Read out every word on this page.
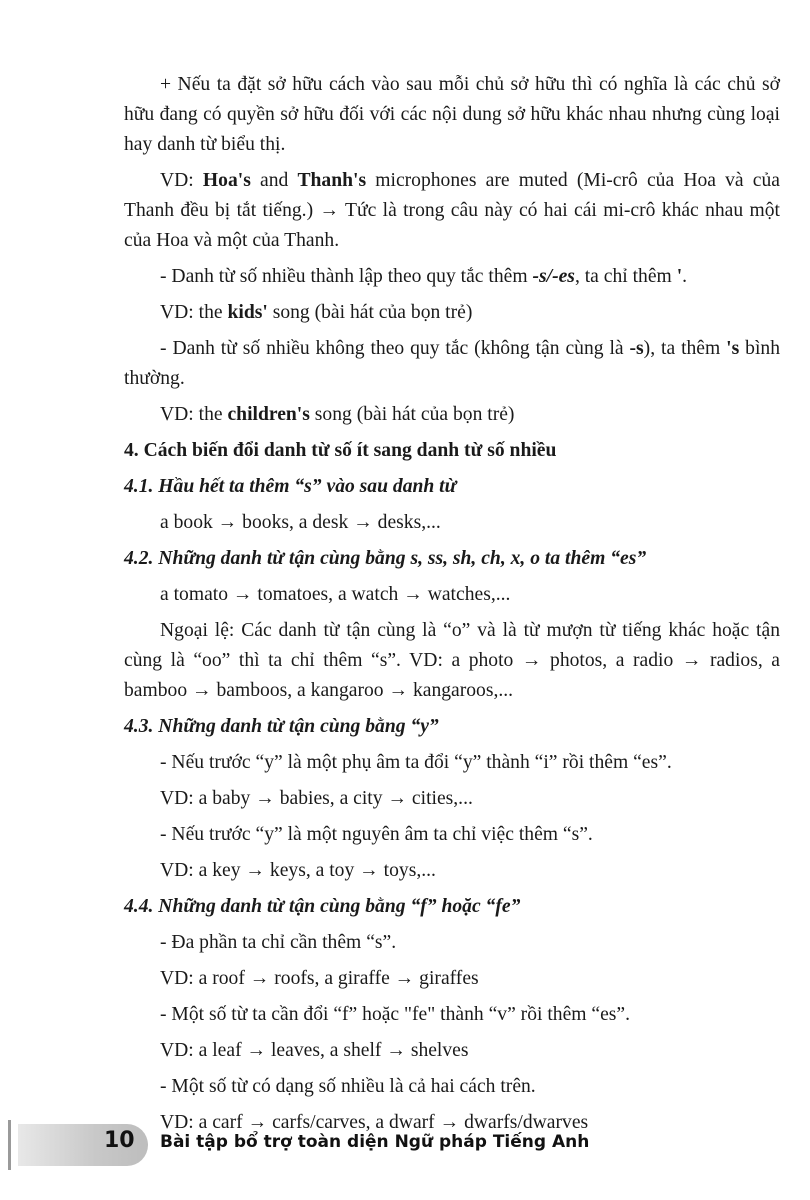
+ Nếu ta đặt sở hữu cách vào sau mỗi chủ sở hữu thì có nghĩa là các chủ sở hữu đang có quyền sở hữu đối với các nội dung sở hữu khác nhau nhưng cùng loại hay danh từ biểu thị.

VD: Hoa's and Thanh's microphones are muted (Mi-crô của Hoa và của Thanh đều bị tắt tiếng.) → Tức là trong câu này có hai cái mi-crô khác nhau một của Hoa và một của Thanh.

- Danh từ số nhiều thành lập theo quy tắc thêm -s/-es, ta chỉ thêm '.

VD: the kids' song (bài hát của bọn trẻ)

- Danh từ số nhiều không theo quy tắc (không tận cùng là -s), ta thêm 's bình thường.

VD: the children's song (bài hát của bọn trẻ)

4. Cách biến đổi danh từ số ít sang danh từ số nhiều

4.1. Hầu hết ta thêm “s” vào sau danh từ

a book → books, a desk → desks,...

4.2. Những danh từ tận cùng bằng s, ss, sh, ch, x, o ta thêm “es”

a tomato → tomatoes, a watch → watches,...

Ngoại lệ: Các danh từ tận cùng là “o” và là từ mượn từ tiếng khác hoặc tận cùng là “oo” thì ta chỉ thêm “s”. VD: a photo → photos, a radio → radios, a bamboo → bamboos, a kangaroo → kangaroos,...

4.3. Những danh từ tận cùng bằng “y”

- Nếu trước “y” là một phụ âm ta đổi “y” thành “i” rồi thêm “es”.

VD: a baby → babies, a city → cities,...

- Nếu trước “y” là một nguyên âm ta chỉ việc thêm “s”.

VD: a key → keys, a toy → toys,...

4.4. Những danh từ tận cùng bằng “f” hoặc “fe”

- Đa phần ta chỉ cần thêm “s”.

VD: a roof → roofs, a giraffe → giraffes

- Một số từ ta cần đổi “f” hoặc "fe" thành “v” rồi thêm “es”.

VD: a leaf → leaves, a shelf → shelves

- Một số từ có dạng số nhiều là cả hai cách trên.

VD: a carf → carfs/carves, a dwarf → dwarfs/dwarves

10 Bài tập bổ trợ toàn diện Ngữ pháp Tiếng Anh
